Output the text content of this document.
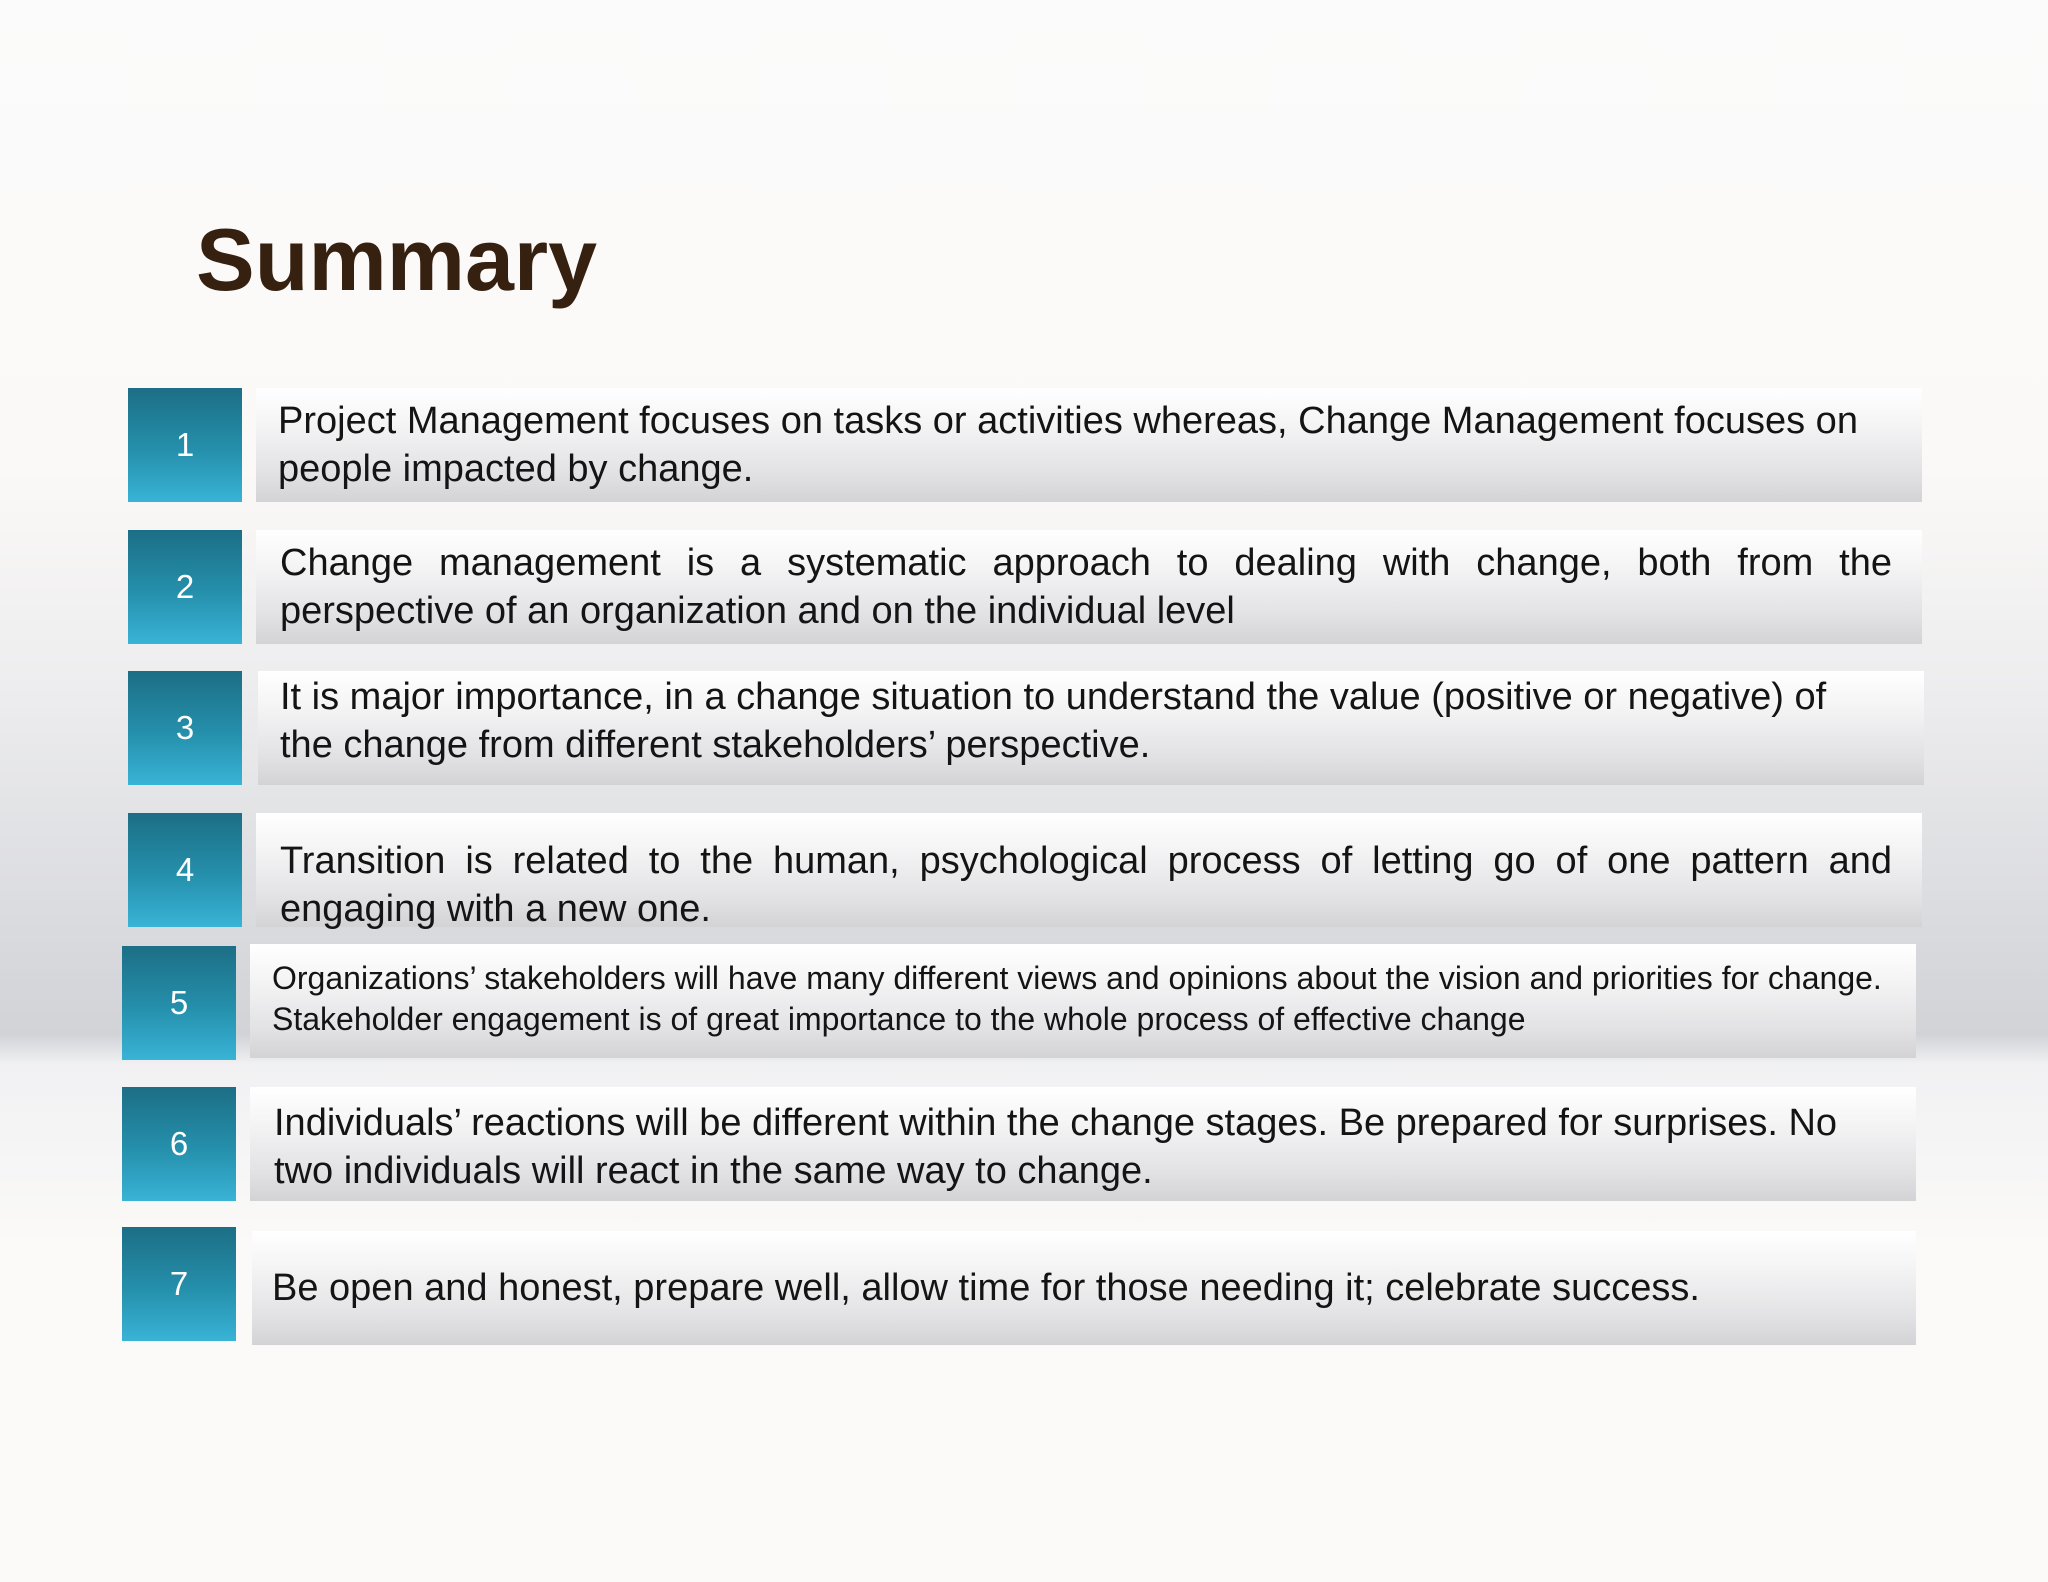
Summary
1
Project Management focuses on tasks or activities whereas, Change Management focuses on people impacted by change.
2
Change management is a systematic approach to dealing with change, both from the perspective of an organization and on the individual level
3
It is major importance, in a change situation to understand the value (positive or negative) of the change from different stakeholders’ perspective.
4	Transition is related to the human, psychological process of letting go of one pattern and engaging with a new one.
5
Organizations’ stakeholders will have many different views and opinions about the vision and priorities for change. Stakeholder engagement is of great importance to the whole process of effective change
6	Individuals’ reactions will be different within the change stages. Be prepared for surprises. No two individuals will react in the same way to change.
7	Be open and honest, prepare well, allow time for those needing it; celebrate success.
